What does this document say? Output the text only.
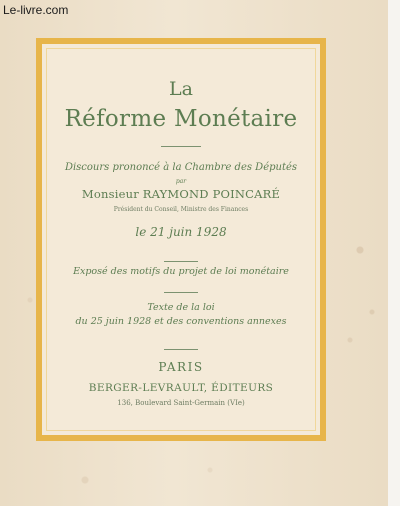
Le-livre.com
La
Réforme Monétaire
Discours prononcé à la Chambre des Députés
par
Monsieur RAYMOND POINCARÉ
Président du Conseil, Ministre des Finances
le 21 juin 1928
Exposé des motifs du projet de loi monétaire
Texte de la loi
du 25 juin 1928 et des conventions annexes
PARIS
BERGER-LEVRAULT, ÉDITEURS
136, Boulevard Saint-Germain (VIe)
